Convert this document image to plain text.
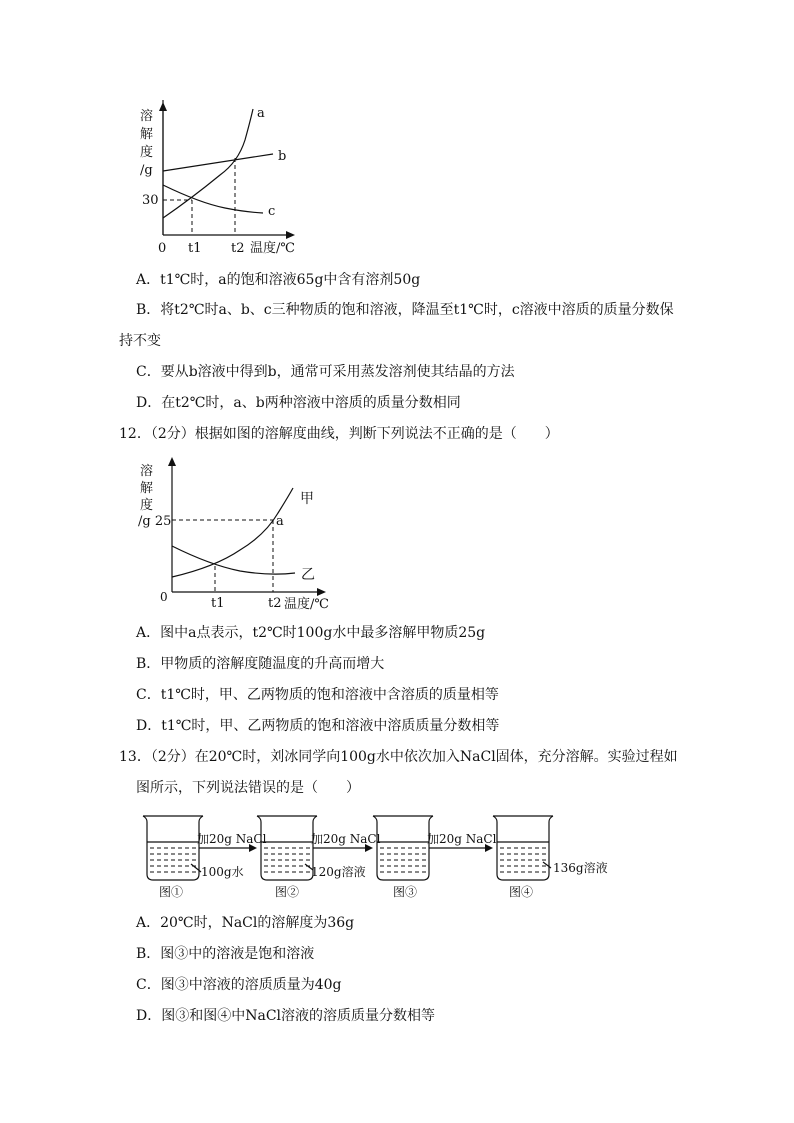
溶
解
度
/g
30
0 t1 t2 温度/℃
a
b
c
A．t1℃时，a的饱和溶液65g中含有溶剂50g
B．将t2℃时a、b、c三种物质的饱和溶液，降温至t1℃时，c溶液中溶质的质量分数保
持不变
C．要从b溶液中得到b，通常可采用蒸发溶剂使其结晶的方法
D．在t2℃时，a、b两种溶液中溶质的质量分数相同
12．（2分）根据如图的溶解度曲线，判断下列说法不正确的是（　　）
溶
解
度
/g 25
0	t1	t2 温度/℃
a
甲
乙
A．图中a点表示，t2℃时100g水中最多溶解甲物质25g
B．甲物质的溶解度随温度的升高而增大
C．t1℃时，甲、乙两物质的饱和溶液中含溶质的质量相等
D．t1℃时，甲、乙两物质的饱和溶液中溶质质量分数相等
13．（2分）在20℃时，刘冰同学向100g水中依次加入NaCl固体，充分溶解。实验过程如
图所示，下列说法错误的是（　　）
加20g NaCl	加20g NaCl	加20g NaCl
100g水	120g溶液	136g溶液
图①	图②	图③	图④
A．20℃时，NaCl的溶解度为36g
B．图③中的溶液是饱和溶液
C．图③中溶液的溶质质量为40g
D．图③和图④中NaCl溶液的溶质质量分数相等
